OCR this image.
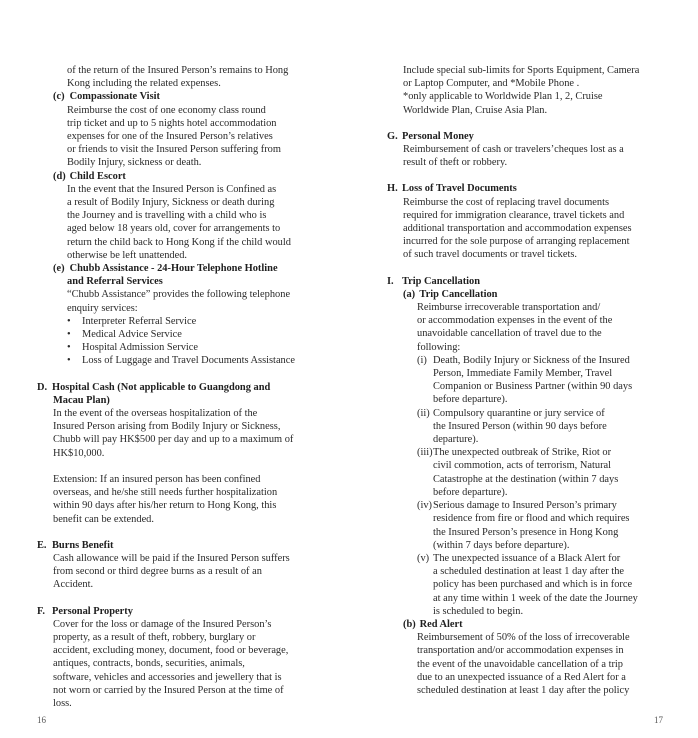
of the return of the Insured Person’s remains to Hong

Kong including the related expenses.

(c) Compassionate Visit

Reimburse the cost of one economy class round

trip ticket and up to 5 nights hotel accommodation

expenses for one of the Insured Person’s relatives

or friends to visit the Insured Person suffering from

Bodily Injury, sickness or death.

(d) Child Escort

In the event that the Insured Person is Confined as

a result of Bodily Injury, Sickness or death during

the Journey and is travelling with a child who is

aged below 18 years old, cover for arrangements to

return the child back to Hong Kong if the child would

otherwise be left unattended.

(e) Chubb Assistance - 24-Hour Telephone Hotline

and Referral Services

“Chubb Assistance” provides the following telephone

enquiry services:

• Interpreter Referral Service
• Medical Advice Service
• Hospital Admission Service
• Loss of Luggage and Travel Documents Assistance

D. Hospital Cash (Not applicable to Guangdong and

Macau Plan)

In the event of the overseas hospitalization of the

Insured Person arising from Bodily Injury or Sickness,

Chubb will pay HK$500 per day and up to a maximum of

HK$10,000.

Extension: If an insured person has been confined

overseas, and he/she still needs further hospitalization

within 90 days after his/her return to Hong Kong, this

benefit can be extended.

E. Burns Benefit

Cash allowance will be paid if the Insured Person suffers

from second or third degree burns as a result of an

Accident.

F. Personal Property

Cover for the loss or damage of the Insured Person’s

property, as a result of theft, robbery, burglary or

accident, excluding money, document, food or beverage,

antiques, contracts, bonds, securities, animals,

software, vehicles and accessories and jewellery that is

not worn or carried by the Insured Person at the time of

loss.

Include special sub-limits for Sports Equipment, Camera

or Laptop Computer, and *Mobile Phone .

*only applicable to Worldwide Plan 1, 2, Cruise

Worldwide Plan, Cruise Asia Plan.

G. Personal Money

Reimbursement of cash or travelers’cheques lost as a

result of theft or robbery.

H. Loss of Travel Documents

Reimburse the cost of replacing travel documents

required for immigration clearance, travel tickets and

additional transportation and accommodation expenses

incurred for the sole purpose of arranging replacement

of such travel documents or travel tickets.

I. Trip Cancellation

(a) Trip Cancellation

Reimburse irrecoverable transportation and/

or accommodation expenses in the event of the

unavoidable cancellation of travel due to the

following:

(i) Death, Bodily Injury or Sickness of the Insured

Person, Immediate Family Member, Travel

Companion or Business Partner (within 90 days

before departure).

(ii) Compulsory quarantine or jury service of

the Insured Person (within 90 days before

departure).

(iii)The unexpected outbreak of Strike, Riot or

civil commotion, acts of terrorism, Natural

Catastrophe at the destination (within 7 days

before departure).

(iv)Serious damage to Insured Person’s primary

residence from fire or flood and which requires

the Insured Person’s presence in Hong Kong

(within 7 days before departure).

(v) The unexpected issuance of a Black Alert for

a scheduled destination at least 1 day after the

policy has been purchased and which is in force

at any time within 1 week of the date the Journey

is scheduled to begin.

(b) Red Alert

Reimbursement of 50% of the loss of irrecoverable

transportation and/or accommodation expenses in

the event of the unavoidable cancellation of a trip

due to an unexpected issuance of a Red Alert for a

scheduled destination at least 1 day after the policy

16	17
